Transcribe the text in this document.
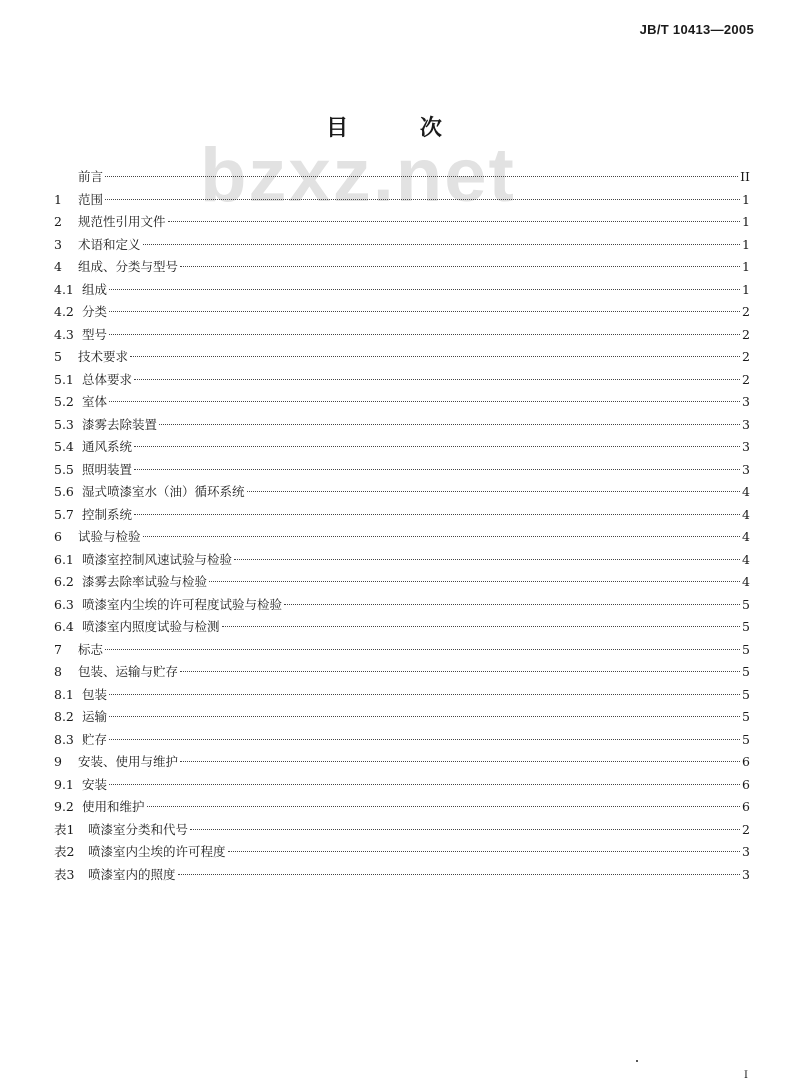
JB/T 10413—2005
bzxz.net
目 次
前言	II
1	范围	1
2	规范性引用文件	1
3	术语和定义	1
4	组成、分类与型号	1
4.1 组成	1
4.2 分类	2
4.3 型号	2
5	技术要求	2
5.1 总体要求	2
5.2 室体	3
5.3 漆雾去除装置	3
5.4 通风系统	3
5.5 照明装置	3
5.6 湿式喷漆室水（油）循环系统	4
5.7 控制系统	4
6	试验与检验	4
6.1 喷漆室控制风速试验与检验	4
6.2 漆雾去除率试验与检验	4
6.3 喷漆室内尘埃的许可程度试验与检验	5
6.4 喷漆室内照度试验与检测	5
7	标志	5
8	包装、运输与贮存	5
8.1 包装	5
8.2 运输	5
8.3 贮存	5
9	安装、使用与维护	6
9.1 安装	6
9.2 使用和维护	6
表1	喷漆室分类和代号	2
表2	喷漆室内尘埃的许可程度	3
表3	喷漆室内的照度	3
I
